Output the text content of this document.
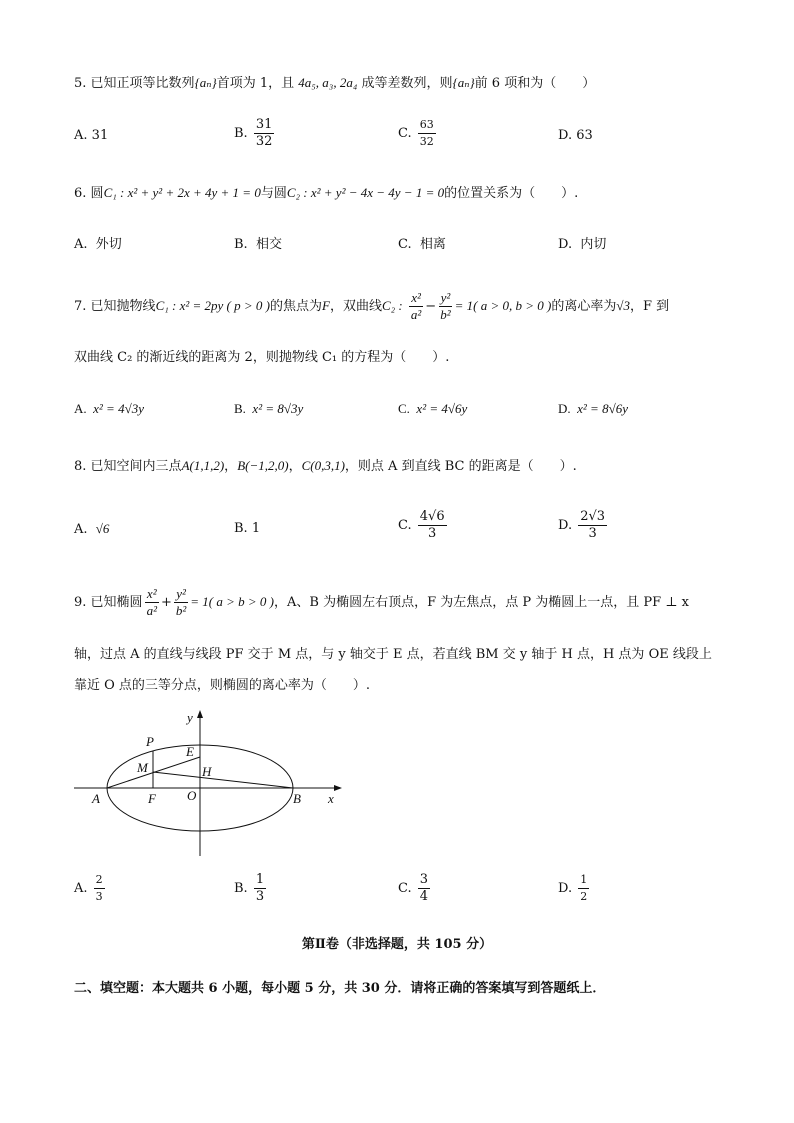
5. 已知正项等比数列{aₙ}首项为 1，且 4a₅, a₃, 2a₄ 成等差数列，则{aₙ}前 6 项和为（　　）
A. 31	B. $\frac{31}{32}$	C. $\frac{63}{32}$	D. 63
6. 圆C₁ : x² + y² + 2x + 4y + 1 = 0与圆C₂ : x² + y² − 4x − 4y − 1 = 0的位置关系为（　　）.
A. 外切	B. 相交	C. 相离	D. 内切
7. 已知抛物线C₁ : x² = 2py ( p > 0 )的焦点为F，双曲线C₂ : $\frac{\text{x²}}{\text{a²}} - \frac{\text{y²}}{\text{b²}} = 1$( a > 0, b > 0 )的离心率为√3，F 到
双曲线 C₂ 的渐近线的距离为 2，则抛物线 C₁ 的方程为（　　）.
A. x² = 4√3y	B. x² = 8√3y	C. x² = 4√6y	D. x² = 8√6y
8. 已知空间内三点A(1,1,2)，B(−1,2,0)，C(0,3,1)，则点 A 到直线 BC 的距离是（　　）.
A. √6	B. 1	C. $\frac{4√6}{3}$	D. $\frac{2√3}{3}$
9. 已知椭圆 $\frac{\text{x²}}{\text{a²}} + \frac{\text{y²}}{\text{b²}} = 1$( a > b > 0 )，A、B 为椭圆左右顶点，F 为左焦点，点 P 为椭圆上一点，且 PF ⊥ x
轴，过点 A 的直线与线段 PF 交于 M 点，与 y 轴交于 E 点，若直线 BM 交 y 轴于 H 点，H 点为 OE 线段上
靠近 O 点的三等分点，则椭圆的离心率为（　　）.
y
x
P
E
M	H
A	F O	B
A. $\frac{2}{3}$	B. $\frac{1}{3}$	C. $\frac{3}{4}$	D. $\frac{1}{2}$
第Ⅱ卷（非选择题，共 105 分）
二、填空题：本大题共 6 小题，每小题 5 分，共 30 分．请将正确的答案填写到答题纸上．
